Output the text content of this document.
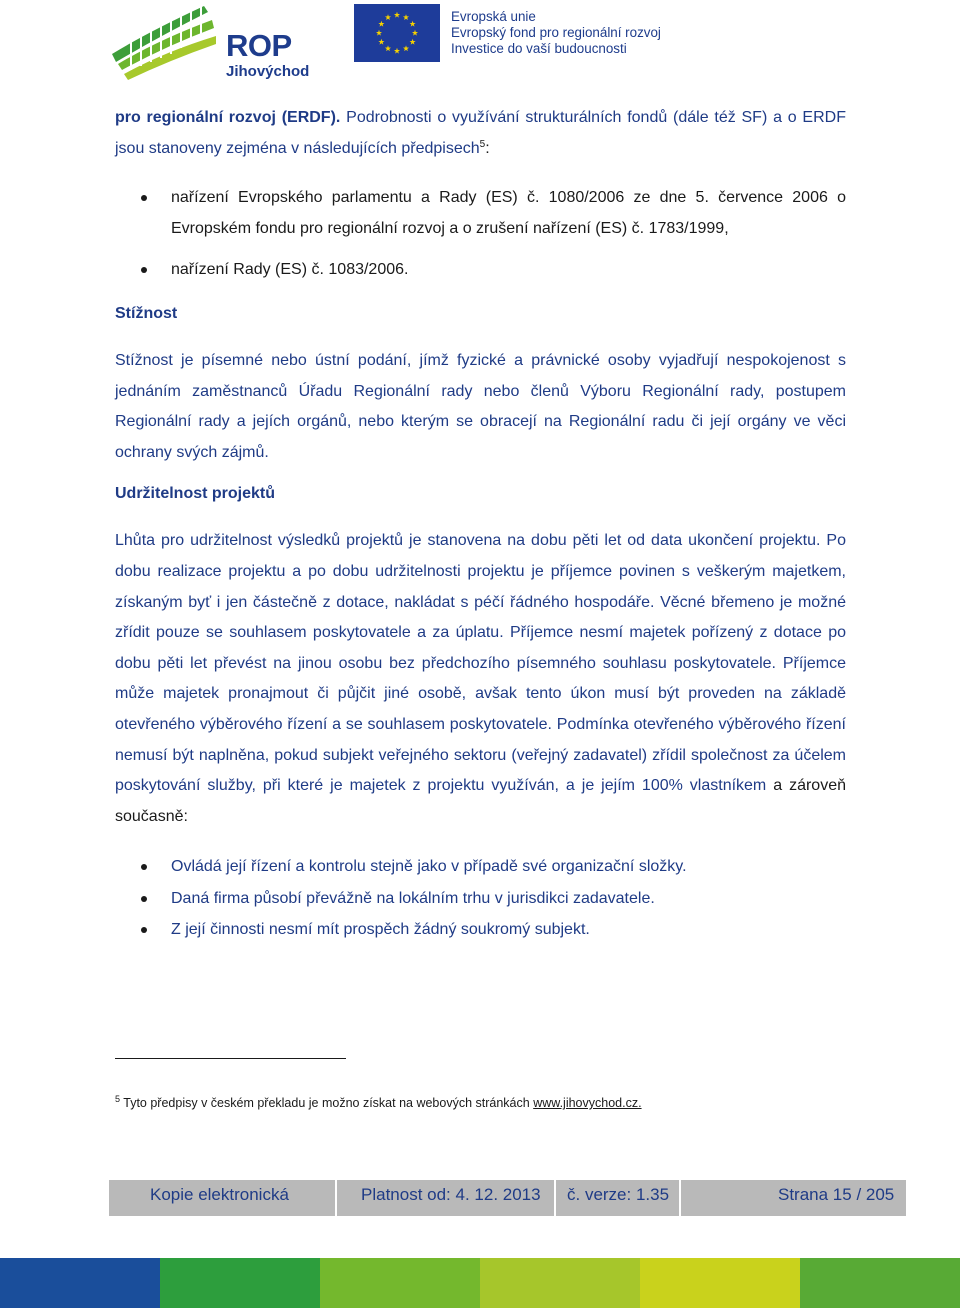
ROP
Jihovýchod
Evropská unie
Evropský fond pro regionální rozvoj
Investice do vaší budoucnosti

pro regionální rozvoj (ERDF). Podrobnosti o využívání strukturálních fondů (dále též SF) a o ERDF jsou stanoveny zejména v následujících předpisech$^5$:

nařízení Evropského parlamentu a Rady (ES) č. 1080/2006 ze dne 5. července 2006 o Evropském fondu pro regionální rozvoj a o zrušení nařízení (ES) č. 1783/1999,
nařízení Rady (ES) č. 1083/2006.
Stížnost

Stížnost je písemné nebo ústní podání, jímž fyzické a právnické osoby vyjadřují nespokojenost s jednáním zaměstnanců Úřadu Regionální rady nebo členů Výboru Regionální rady, postupem Regionální rady a jejích orgánů, nebo kterým se obracejí na Regionální radu či její orgány ve věci ochrany svých zájmů.

Udržitelnost projektů

Lhůta pro udržitelnost výsledků projektů je stanovena na dobu pěti let od data ukončení projektu. Po dobu realizace projektu a po dobu udržitelnosti projektu je příjemce povinen s veškerým majetkem, získaným byť i jen částečně z dotace, nakládat s péčí řádného hospodáře. Věcné břemeno je možné zřídit pouze se souhlasem poskytovatele a za úplatu. Příjemce nesmí majetek pořízený z dotace po dobu pěti let převést na jinou osobu bez předchozího písemného souhlasu poskytovatele. Příjemce může majetek pronajmout či půjčit jiné osobě, avšak tento úkon musí být proveden na základě otevřeného výběrového řízení a se souhlasem poskytovatele. Podmínka otevřeného výběrového řízení nemusí být naplněna, pokud subjekt veřejného sektoru (veřejný zadavatel) zřídil společnost za účelem poskytování služby, při které je majetek z projektu využíván, a je jejím 100% vlastníkem a zároveň současně:

Ovládá její řízení a kontrolu stejně jako v případě své organizační složky.
Daná firma působí převážně na lokálním trhu v jurisdikci zadavatele.
Z její činnosti nesmí mít prospěch žádný soukromý subjekt.
$^5$ Tyto předpisy v českém překladu je možno získat na webových stránkách www.jihovychod.cz.
Kopie elektronická	Platnost od: 4. 12. 2013 č. verze: 1.35	Strana 15 / 205
